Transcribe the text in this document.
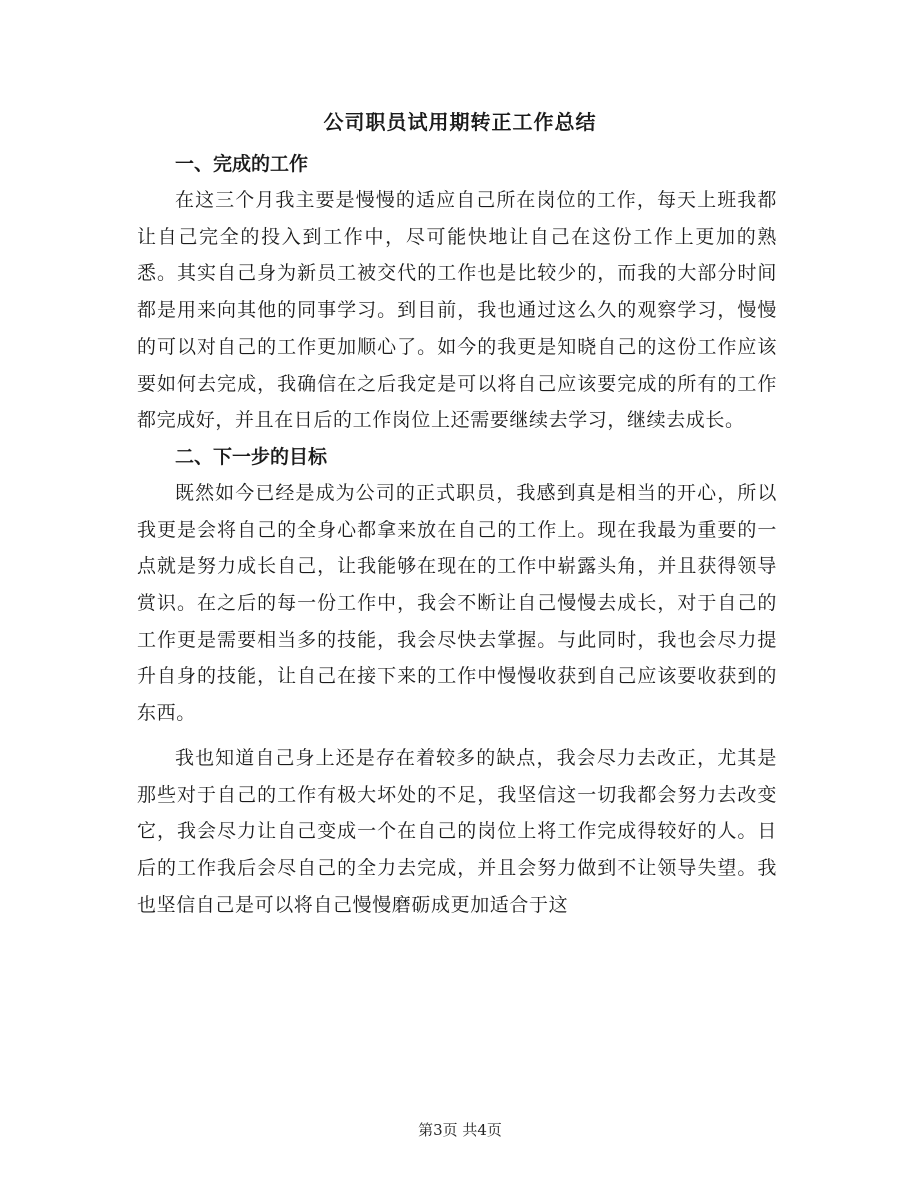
公司职员试用期转正工作总结
一、完成的工作

在这三个月我主要是慢慢的适应自己所在岗位的工作，每天上班我都让自己完全的投入到工作中，尽可能快地让自己在这份工作上更加的熟悉。其实自己身为新员工被交代的工作也是比较少的，而我的大部分时间都是用来向其他的同事学习。到目前，我也通过这么久的观察学习，慢慢的可以对自己的工作更加顺心了。如今的我更是知晓自己的这份工作应该要如何去完成，我确信在之后我定是可以将自己应该要完成的所有的工作都完成好，并且在日后的工作岗位上还需要继续去学习，继续去成长。

二、下一步的目标

既然如今已经是成为公司的正式职员，我感到真是相当的开心，所以我更是会将自己的全身心都拿来放在自己的工作上。现在我最为重要的一点就是努力成长自己，让我能够在现在的工作中崭露头角，并且获得领导赏识。在之后的每一份工作中，我会不断让自己慢慢去成长，对于自己的工作更是需要相当多的技能，我会尽快去掌握。与此同时，我也会尽力提升自身的技能，让自己在接下来的工作中慢慢收获到自己应该要收获到的东西。

我也知道自己身上还是存在着较多的缺点，我会尽力去改正，尤其是那些对于自己的工作有极大坏处的不足，我坚信这一切我都会努力去改变它，我会尽力让自己变成一个在自己的岗位上将工作完成得较好的人。日后的工作我后会尽自己的全力去完成，并且会努力做到不让领导失望。我也坚信自己是可以将自己慢慢磨砺成更加适合于这

第3页 共4页
